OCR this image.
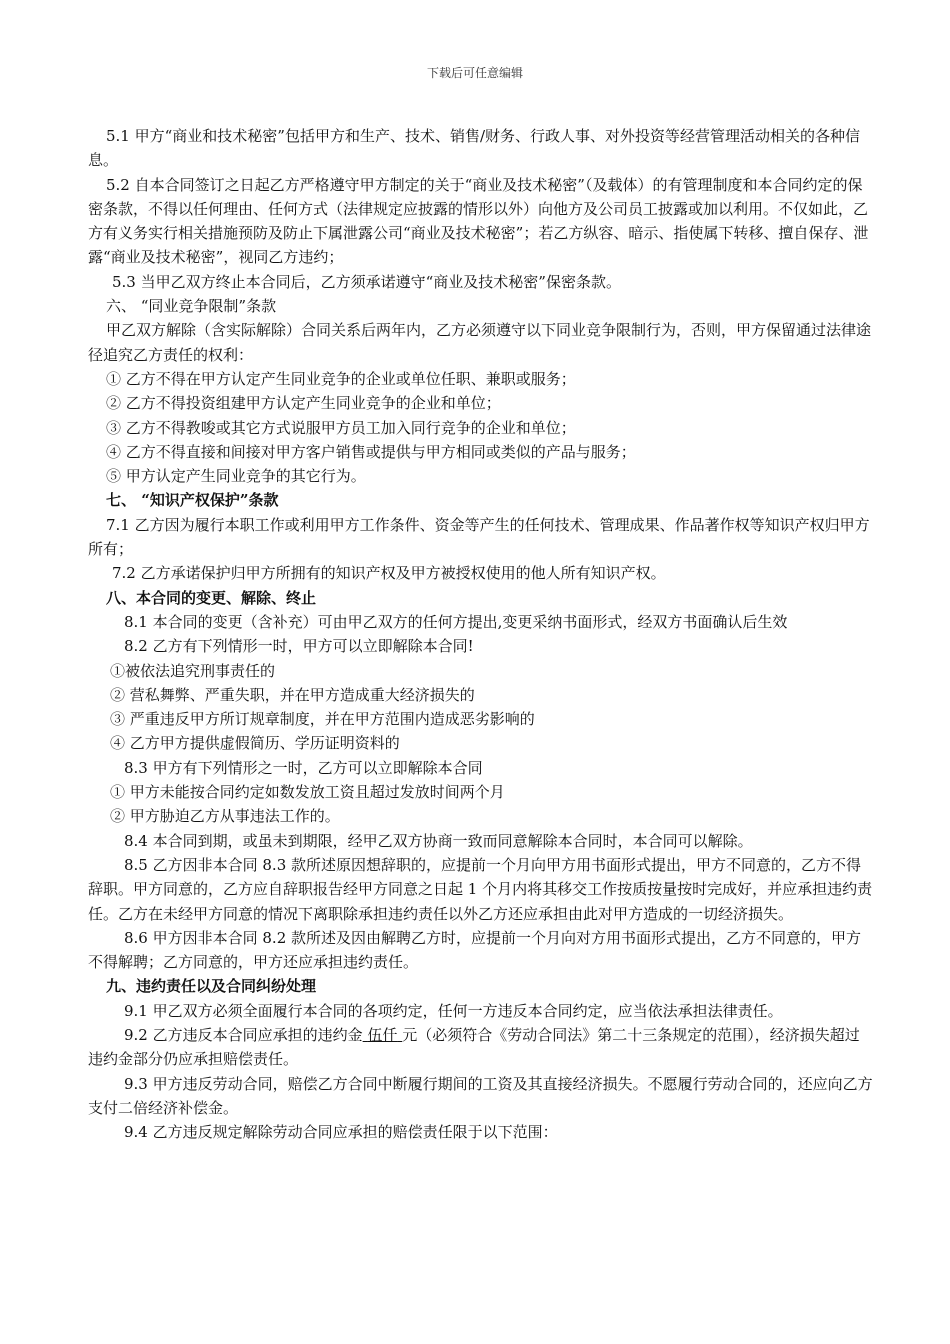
下载后可任意编辑

5.1 甲方“商业和技术秘密”包括甲方和生产、技术、销售/财务、行政人事、对外投资等经营管理活动相关的各种信息。

5.2 自本合同签订之日起乙方严格遵守甲方制定的关于“商业及技术秘密”（及载体）的有管理制度和本合同约定的保密条款，不得以任何理由、任何方式（法律规定应披露的情形以外）向他方及公司员工披露或加以利用。不仅如此，乙方有义务实行相关措施预防及防止下属泄露公司“商业及技术秘密”；若乙方纵容、暗示、指使属下转移、擅自保存、泄露“商业及技术秘密”，视同乙方违约；

5.3 当甲乙双方终止本合同后，乙方须承诺遵守“商业及技术秘密”保密条款。

六、 “同业竞争限制”条款

甲乙双方解除（含实际解除）合同关系后两年内，乙方必须遵守以下同业竞争限制行为，否则，甲方保留通过法律途径追究乙方责任的权利：

① 乙方不得在甲方认定产生同业竞争的企业或单位任职、兼职或服务；

② 乙方不得投资组建甲方认定产生同业竞争的企业和单位；

③ 乙方不得教唆或其它方式说服甲方员工加入同行竞争的企业和单位；

④ 乙方不得直接和间接对甲方客户销售或提供与甲方相同或类似的产品与服务；

⑤ 甲方认定产生同业竞争的其它行为。

七、 “知识产权保护”条款

7.1 乙方因为履行本职工作或利用甲方工作条件、资金等产生的任何技术、管理成果、作品著作权等知识产权归甲方所有；

7.2 乙方承诺保护归甲方所拥有的知识产权及甲方被授权使用的他人所有知识产权。

八、本合同的变更、解除、终止

8.1 本合同的变更（含补充）可由甲乙双方的任何方提出,变更采纳书面形式，经双方书面确认后生效

8.2 乙方有下列情形一时，甲方可以立即解除本合同!

①被依法追究刑事责任的

② 营私舞弊、严重失职，并在甲方造成重大经济损失的

③ 严重违反甲方所订规章制度，并在甲方范围内造成恶劣影响的

④ 乙方甲方提供虚假简历、学历证明资料的

8.3 甲方有下列情形之一时，乙方可以立即解除本合同

① 甲方未能按合同约定如数发放工资且超过发放时间两个月

② 甲方胁迫乙方从事违法工作的。

8.4 本合同到期，或虽未到期限，经甲乙双方协商一致而同意解除本合同时，本合同可以解除。

8.5 乙方因非本合同 8.3 款所述原因想辞职的，应提前一个月向甲方用书面形式提出，甲方不同意的，乙方不得辞职。甲方同意的，乙方应自辞职报告经甲方同意之日起 1 个月内将其移交工作按质按量按时完成好，并应承担违约责任。乙方在未经甲方同意的情况下离职除承担违约责任以外乙方还应承担由此对甲方造成的一切经济损失。

8.6 甲方因非本合同 8.2 款所述及因由解聘乙方时，应提前一个月向对方用书面形式提出，乙方不同意的，甲方不得解聘；乙方同意的，甲方还应承担违约责任。

九、违约责任以及合同纠纷处理

9.1 甲乙双方必须全面履行本合同的各项约定，任何一方违反本合同约定，应当依法承担法律责任。

9.2 乙方违反本合同应承担的违约金 伍仟 元（必须符合《劳动合同法》第二十三条规定的范围），经济损失超过违约金部分仍应承担赔偿责任。

9.3 甲方违反劳动合同，赔偿乙方合同中断履行期间的工资及其直接经济损失。不愿履行劳动合同的，还应向乙方支付二倍经济补偿金。

9.4 乙方违反规定解除劳动合同应承担的赔偿责任限于以下范围：
